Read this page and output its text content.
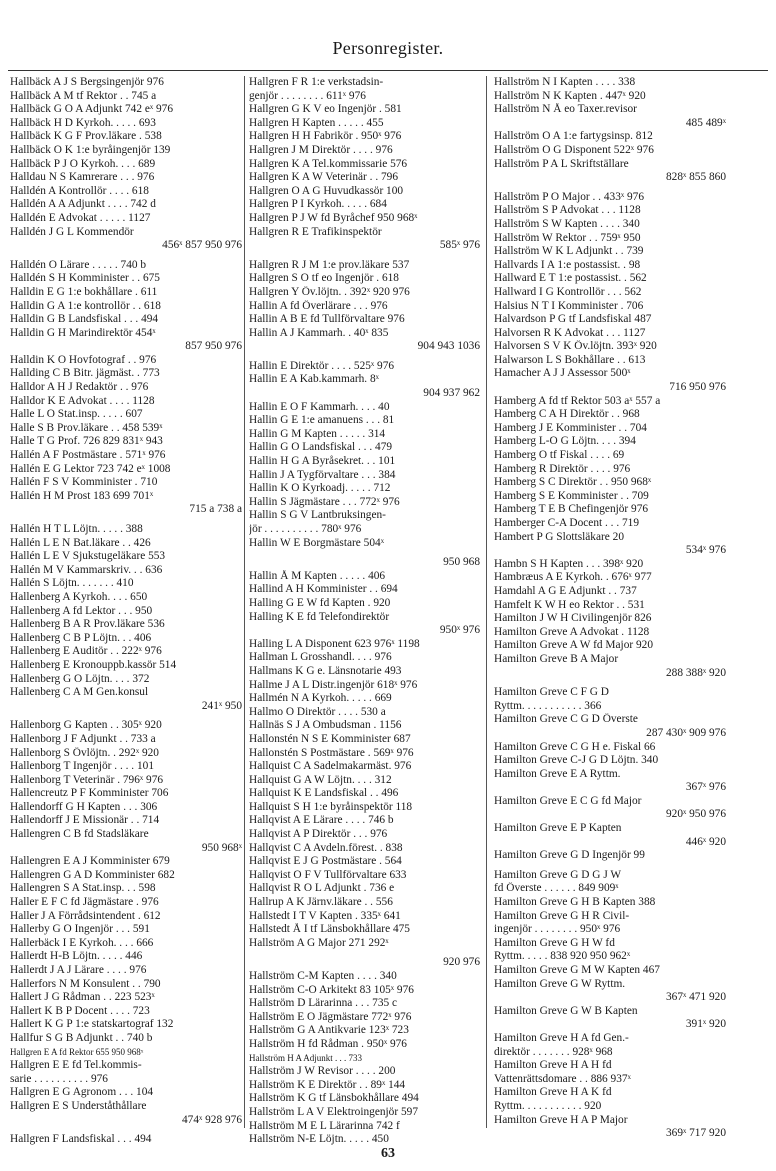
Personregister.
Hallbäck A J S Bergsingenjör 976
Hallbäck A M tf Rektor . . 745 a
Hallbäck G O A Adjunkt 742 eˣ 976
Hallbäck H D Kyrkoh. . . . . 693
Hallbäck K G F Prov.läkare . 538
Hallbäck O K 1:e byråingenjör 139
Hallbäck P J O Kyrkoh. . . . 689
Halldau N S Kamrerare . . . 976
Halldén A Kontrollör . . . . 618
Halldén A A Adjunkt . . . . 742 d
Halldén E Advokat . . . . . 1127
Halldén J G L Kommendör
456ˣ 857 950 976
Halldén O Lärare . . . . . 740 b
Halldén S H Komminister . . 675
Halldin E G 1:e bokhållare . 611
Halldin G A 1:e kontrollör . . 618
Halldin G B Landsfiskal . . . 494
Halldin G H Marindirektör 454ˣ
857 950 976
Halldin K O Hovfotograf . . 976
Hallding C B Bitr. jägmäst. . 773
Halldor A H J Redaktör . . 976
Halldor K E Advokat . . . . 1128
Halle L O Stat.insp. . . . . 607
Halle S B Prov.läkare . . 458 539ˣ
Halle T G Prof. 726 829 831ˣ 943
Hallén A F Postmästare . 571ˣ 976
Hallén E G Lektor 723 742 eˣ 1008
Hallén F S V Komminister . 710
Hallén H M Prost 183 699 701ˣ
715 a 738 a
Hallén H T L Löjtn. . . . . 388
Hallén L E N Bat.läkare . . 426
Hallén L E V Sjukstugeläkare 553
Hallén M V Kammarskriv. . . 636
Hallén S Löjtn. . . . . . . 410
Hallenberg A Kyrkoh. . . . 650
Hallenberg A fd Lektor . . . 950
Hallenberg B A R Prov.läkare 536
Hallenberg C B P Löjtn. . . 406
Hallenberg E Auditör . . 222ˣ 976
Hallenberg E Kronouppb.kassör 514
Hallenberg G O Löjtn. . . . 372
Hallenberg C A M Gen.konsul
241ˣ 950
Hallenborg G Kapten . . 305ˣ 920
Hallenborg J F Adjunkt . . 733 a
Hallenborg S Övlöjtn. . 292ˣ 920
Hallenborg T Ingenjör . . . . 101
Hallenborg T Veterinär . 796ˣ 976
Hallencreutz P F Komminister 706
Hallendorff G H Kapten . . . 306
Hallendorff J E Missionär . . 714
Hallengren C B fd Stadsläkare
950 968ˣ
Hallengren E A J Komminister 679
Hallengren G A D Komminister 682
Hallengren S A Stat.insp. . . 598
Haller E F C fd Jägmästare . 976
Haller J A Förrådsintendent . 612
Hallerby G O Ingenjör . . . 591
Hallerbäck I E Kyrkoh. . . . 666
Hallerdt H-B Löjtn. . . . . 446
Hallerdt J A J Lärare . . . . 976
Hallerfors N M Konsulent . . 790
Hallert J G Rådman . . 223 523ˣ
Hallert K B P Docent . . . . 723
Hallert K G P 1:e statskartograf 132
Hallfur S G B Adjunkt . . 740 b
Hallgren E A fd Rektor 655 950 968ˣ
Hallgren E E fd Tel.kommis-
sarie . . . . . . . . . . 976
Hallgren E G Agronom . . . 104
Hallgren E S Underståthållare
474ˣ 928 976
Hallgren F Landsfiskal . . . 494
Hallgren F R 1:e verkstadsin-
genjör . . . . . . . . 611ˣ 976
Hallgren G K V eo Ingenjör . 581
Hallgren H Kapten . . . . . 455
Hallgren H H Fabrikör . 950ˣ 976
Hallgren J M Direktör . . . . 976
Hallgren K A Tel.kommissarie 576
Hallgren K A W Veterinär . . 796
Hallgren O A G Huvudkassör 100
Hallgren P I Kyrkoh. . . . . 684
Hallgren P J W fd Byråchef 950 968ˣ
Hallgren R E Trafikinspektör
585ˣ 976
Hallgren R J M 1:e prov.läkare 537
Hallgren S O tf eo Ingenjör . 618
Hallgren Y Öv.löjtn. . 392ˣ 920 976
Hallin A fd Överlärare . . . 976
Hallin A B E fd Tullförvaltare 976
Hallin A J Kammarh. . 40ˣ 835
904 943 1036
Hallin E Direktör . . . . 525ˣ 976
Hallin E A Kab.kammarh. 8ˣ
904 937 962
Hallin E O F Kammarh. . . . 40
Hallin G E 1:e amanuens . . . 81
Hallin G M Kapten . . . . . 314
Hallin G O Landsfiskal . . . 479
Hallin H G A Byråsekret. . . 101
Hallin J A Tygförvaltare . . . 384
Hallin K O Kyrkoadj. . . . . 712
Hallin S Jägmästare . . . 772ˣ 976
Hallin S G V Lantbruksingen-
jör . . . . . . . . . . 780ˣ 976
Hallin W E Borgmästare 504ˣ
950 968
Hallin Å M Kapten . . . . . 406
Hallind A H Komminister . . 694
Halling G E W fd Kapten . 920
Halling K E fd Telefondirektör
950ˣ 976
Halling L A Disponent 623 976ˣ 1198
Hallman L Grosshandl. . . . 976
Hallmans K G e. Länsnotarie 493
Hallme J A L Distr.ingenjör 618ˣ 976
Hallmén N A Kyrkoh. . . . . 669
Hallmo O Direktör . . . . 530 a
Hallnäs S J A Ombudsman . 1156
Hallonstén N S E Komminister 687
Hallonstén S Postmästare . 569ˣ 976
Hallquist C A Sadelmakarmäst. 976
Hallquist G A W Löjtn. . . . 312
Hallquist K E Landsfiskal . . 496
Hallquist S H 1:e byråinspektör 118
Hallqvist A E Lärare . . . . 746 b
Hallqvist A P Direktör . . . 976
Hallqvist C A Avdeln.förest. . 838
Hallqvist E J G Postmästare . 564
Hallqvist O F V Tullförvaltare 633
Hallqvist R O L Adjunkt . 736 e
Hallrup A K Järnv.läkare . . 556
Hallstedt I T V Kapten . 335ˣ 641
Hallstedt Å I tf Länsbokhållare 475
Hallström A G Major 271 292ˣ
920 976
Hallström C-M Kapten . . . . 340
Hallström C-O Arkitekt 83 105ˣ 976
Hallström D Lärarinna . . . 735 c
Hallström E O Jägmästare 772ˣ 976
Hallström G A Antikvarie 123ˣ 723
Hallström H fd Rådman . 950ˣ 976
Hallström H A Adjunkt . . . 733
Hallström J W Revisor . . . . 200
Hallström K E Direktör . . 89ˣ 144
Hallström K G tf Länsbokhållare 494
Hallström L A V Elektroingenjör 597
Hallström M E L Lärarinna 742 f
Hallström N-E Löjtn. . . . . 450
Hallström N I Kapten . . . . 338
Hallström N K Kapten . 447ˣ 920
Hallström N Å eo Taxer.revisor
485 489ˣ
Hallström O A 1:e fartygsinsp. 812
Hallström O G Disponent 522ˣ 976
Hallström P A L Skriftställare
828ˣ 855 860
Hallström P O Major . . 433ˣ 976
Hallström S P Advokat . . . 1128
Hallström S W Kapten . . . . 340
Hallström W Rektor . . 759ˣ 950
Hallström W K L Adjunkt . . 739
Hallvards I A 1:e postassist. . 98
Hallward E T 1:e postassist. . 562
Hallward I G Kontrollör . . . 562
Halsius N T I Komminister . 706
Halvardson P G tf Landsfiskal 487
Halvorsen R K Advokat . . . 1127
Halvorsen S V K Öv.löjtn. 393ˣ 920
Halwarson L S Bokhållare . . 613
Hamacher A J J Assessor 500ˣ
716 950 976
Hamberg A fd tf Rektor 503 aˣ 557 a
Hamberg C A H Direktör . . 968
Hamberg J E Komminister . . 704
Hamberg L-O G Löjtn. . . . 394
Hamberg O tf Fiskal . . . . 69
Hamberg R Direktör . . . . 976
Hamberg S C Direktör . . 950 968ˣ
Hamberg S E Komminister . . 709
Hamberg T E B Chefingenjör 976
Hamberger C-A Docent . . . 719
Hambert P G Slottsläkare 20
534ˣ 976
Hambn S H Kapten . . . 398ˣ 920
Hambræus A E Kyrkoh. . 676ˣ 977
Hamdahl A G E Adjunkt . . 737
Hamfelt K W H eo Rektor . . 531
Hamilton J W H Civilingenjör 826
Hamilton Greve A Advokat . 1128
Hamilton Greve A W fd Major 920
Hamilton Greve B A Major
288 388ˣ 920
Hamilton Greve C F G D
Ryttm. . . . . . . . . . . 366
Hamilton Greve C G D Överste
287 430ˣ 909 976
Hamilton Greve C G H e. Fiskal 66
Hamilton Greve C-J G D Löjtn. 340
Hamilton Greve E A Ryttm.
367ˣ 976
Hamilton Greve E C G fd Major
920ˣ 950 976
Hamilton Greve E P Kapten
446ˣ 920
Hamilton Greve G D Ingenjör 99
Hamilton Greve G D G J W
fd Överste . . . . . . 849 909ˣ
Hamilton Greve G H B Kapten 388
Hamilton Greve G H R Civil-
ingenjör . . . . . . . . 950ˣ 976
Hamilton Greve G H W fd
Ryttm. . . . . 838 920 950 962ˣ
Hamilton Greve G M W Kapten 467
Hamilton Greve G W Ryttm.
367ˣ 471 920
Hamilton Greve G W B Kapten
391ˣ 920
Hamilton Greve H A fd Gen.-
direktör . . . . . . . 928ˣ 968
Hamilton Greve H A H fd
Vattenrättsdomare . . 886 937ˣ
Hamilton Greve H A K fd
Ryttm. . . . . . . . . . . 920
Hamilton Greve H A P Major
369ˣ 717 920
63
